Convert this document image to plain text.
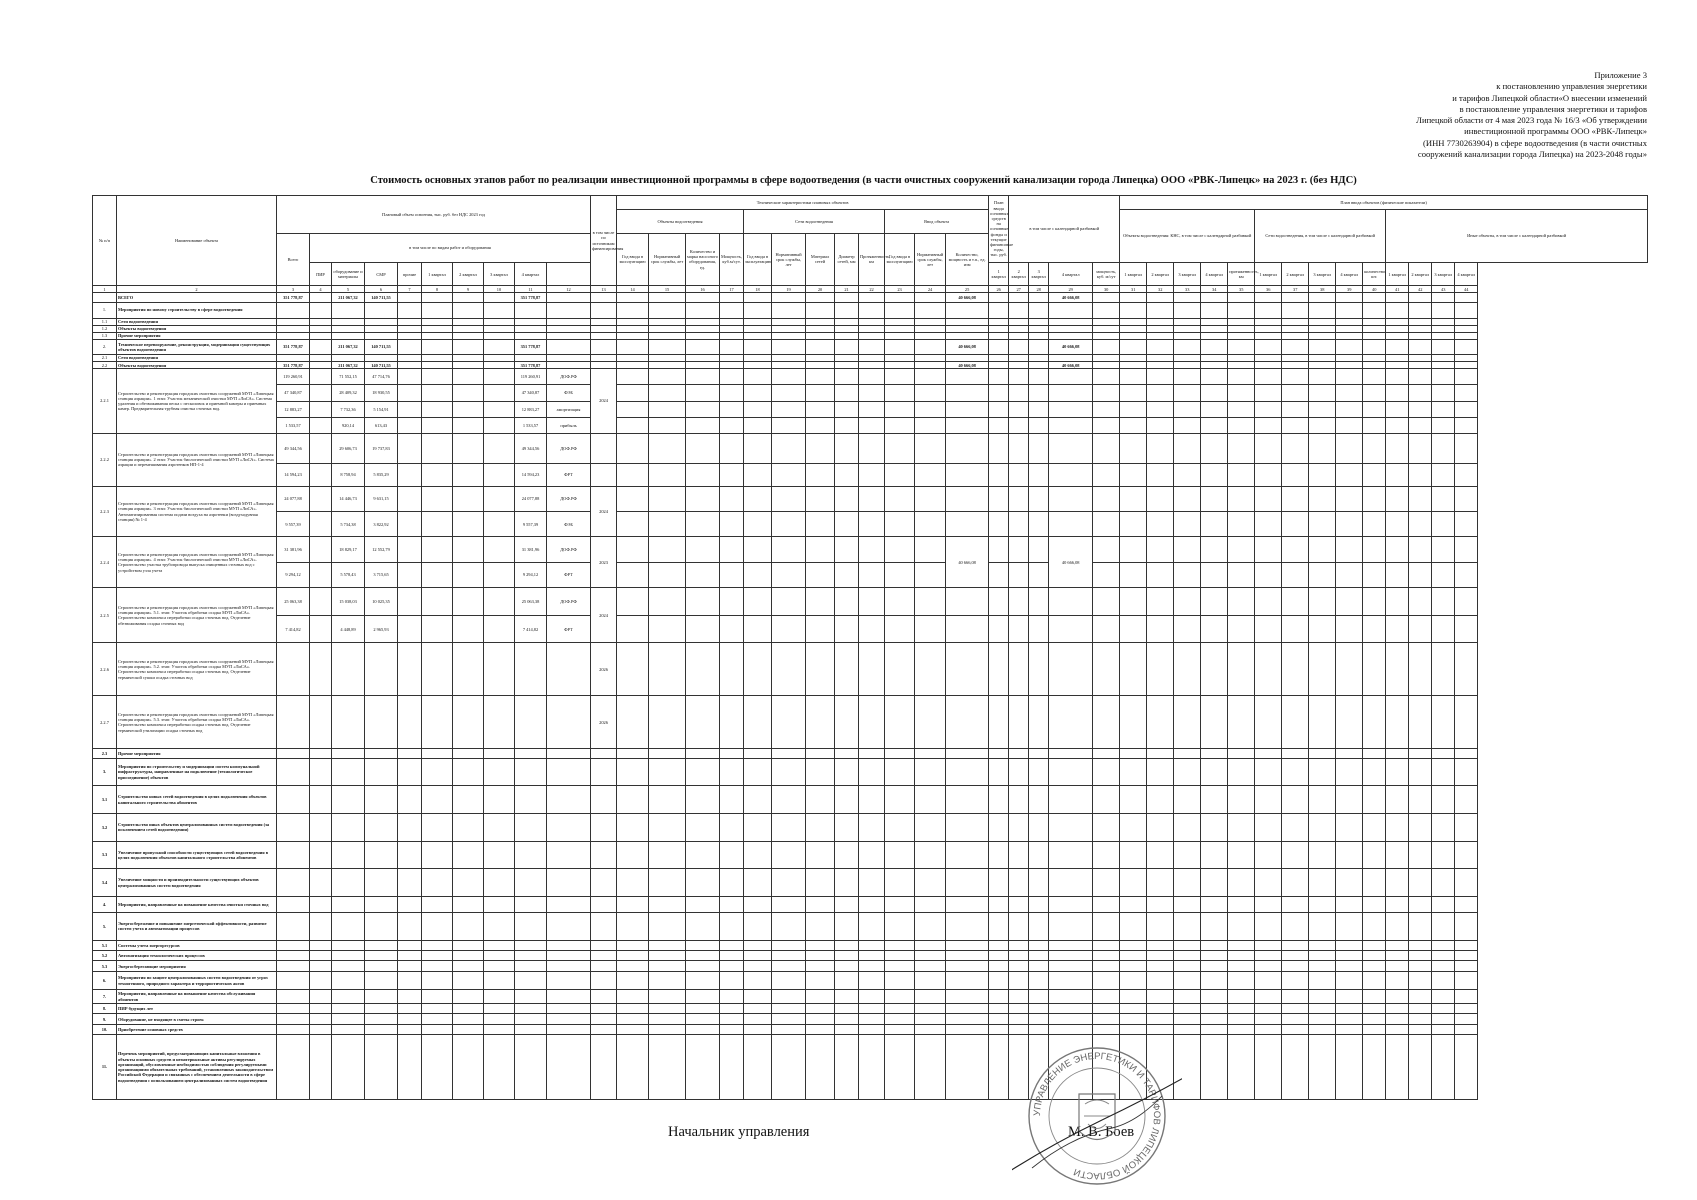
Приложение 3
к постановлению управления энергетики
и тарифов Липецкой области«О внесении изменений
в постановление управления энергетики и тарифов
Липецкой области от 4 мая 2023 года № 16/3 «Об утверждении
инвестиционной программы ООО «РВК-Липецк»
(ИНН 7730263904) в сфере водоотведения (в части очистных
сооружений канализации города Липецка) на 2023-2048 годы»
Стоимость основных этапов работ по реализации инвестиционной программы в сфере водоотведения (в части очистных сооружений канализации города Липецка) ООО «РВК-Липецк» на 2023 г. (без НДС)
№ п/п	Наименование объекта	Плановый объем освоения, тыс. руб. без НДС 2023 год										в том числе по источникам финансирования	Технические характеристики плановых объектов												План ввода основных средств на основные фонды и текущие финансовые годы, тыс. руб.	в том числе с календарной разбивкой				План ввода объектов (физические показатели)													
													Объекты водоотведения				Сети водоотведения					Ввод объекта								Объекты водоотведения: КНС, в том числе с календарной разбивкой					Сети водоотведения, в том числе с календарной разбивкой					Иные объекты, в том числе с календарной разбивкой			
		Всего	в том числе по видам работ и оборудования										Год ввода в эксплуатацию	Нормативный срок службы, лет	Количество и марка насосного оборудования, ед.	Мощность, куб.м/сут.	Год ввода в эксплуатацию	Нормативный срок службы, лет	Материал сетей	Диаметр сетей, мм	Протяженность, км	Год ввода в эксплуатацию	Нормативный срок службы, лет	Количество, мощность и т.п., ед. изм																			
			ПИР	оборудование и материалы	СМР	прочие	1 квартал	2 квартал	3 квартал	4 квартал															1 квартал	2 квартал	3 квартал	4 квартал	мощность, куб. м/сут	1 квартал	2 квартал	3 квартал	4 квартал	протяженность, км	1 квартал	2 квартал	3 квартал	4 квартал	количество, шт.	1 квартал	2 квартал	3 квартал	4 квартал
1	2	3	4	5	6	7	8	9	10	11	12	13	14	15	16	17	18	19	20	21	22	23	24	25	26	27	28	29	30	31	32	33	34	35	36	37	38	39	40	41	42	43	44
	ВСЕГО	351 778,87		211 067,32	140 711,55					351 778,87														40 666,08				40 666,08															
1.	Мероприятия по новому строительству в сфере водоотведения																																										
1.1	Сети водоотведения																																										
1.2	Объекты водоотведения																																										
1.3	Прочие мероприятия																																										
2.	Техническое перевооружение, реконструкция, модернизация существующих объектов водоотведения	351 778,87		211 067,32	140 711,55					351 778,87														40 666,08				40 666,08															
2.1	Сети водоотведения																																										
2.2	Объекты водоотведения	351 778,87		211 067,32	140 711,55					351 778,87														40 666,08				40 666,08															
2.2.1	Строительство и реконструкция городских очистных сооружений МУП «Липецкая станция аэрации». 1 этап: Участок механической очистки МУП «ЛиСА». Система удаления и обезвоживания песка с песколовок и приемной камеры и приемных камер. Предварительная трубная очистка сточных вод.	119 260,91		71 552,15	47 714,76					119 260,91	ДОФ.РФ	2024																															
		47 340,87		28 409,32	18 930,55					47 340,87	ФЭБ																																
		12 883,27		7 732,36	5 154,91					12 883,27	амортизация																																
		1 533,57		920,14	613,43					1 533,57	прибыль																																
2.2.2	Строительство и реконструкция городских очистных сооружений МУП «Липецкая станция аэрации». 2 этап: Участок биологической очистки МУП «ЛиСА». Система аэрации и перемешивания аэротенков НП-1-4	49 344,56		29 606,73	19 737,83					49 344,56	ДОФ.РФ																																
		14 594,23		8 758,94	5 835,29					14 594,23	ФРТ																																
2.2.3	Строительство и реконструкция городских очистных сооружений МУП «Липецкая станция аэрации». 3 этап: Участок биологической очистки МУП «ЛиСА». Автоматизированная система подачи воздуха на аэротенки (воздуходувная станция) № 1-4	24 077,88		14 446,73	9 631,15					24 077,88	ДОФ.РФ	2024																															
		9 557,39		5 734,38	3 822,92					9 557,39	ФЭБ																																
2.2.4	Строительство и реконструкция городских очистных сооружений МУП «Липецкая станция аэрации». 4 этап: Участок биологической очистки МУП «ЛиСА». Строительство участка трубопровода выпуска очищенных сточных вод с устройством узла учета	31 381,96		18 829,17	12 552,79					31 381,96	ДОФ.РФ	2023												40 666,08				40 666,08															
		9 294,12		5 578,43	3 715,65					9 294,12	ФРТ																																
2.2.5	Строительство и реконструкция городских очистных сооружений МУП «Липецкая станция аэрации». 5.1. этап: Участок обработки осадка МУП «ЛиСА». Строительство комплекса переработки осадка сточных вод. Отделение обезвоживания осадка сточных вод	25 063,38		15 038,03	10 025,35					25 063,38	ДОФ.РФ	2024																															
		7 414,82		4 448,89	2 965,93					7 414,82	ФРТ																																
2.2.6	Строительство и реконструкция городских очистных сооружений МУП «Липецкая станция аэрации». 5.2. этап: Участок обработки осадка МУП «ЛиСА». Строительство комплекса переработки осадка сточных вод. Отделение термической сушки осадка сточных вод											2026																															
2.2.7	Строительство и реконструкция городских очистных сооружений МУП «Липецкая станция аэрации». 5.3. этап: Участок обработки осадка МУП «ЛиСА». Строительство комплекса переработки осадка сточных вод. Отделение термической утилизации осадка сточных вод											2026																															
2.3	Прочие мероприятия																																										
3.	Мероприятия по строительству и модернизации систем коммунальной инфраструктуры, направленные на подключение (технологическое присоединение) объектов																																										
3.1	Строительство новых сетей водоотведения в целях подключения объектов капитального строительства абонентов																																										
3.2	Строительство иных объектов централизованных систем водоотведения (за исключением сетей водоотведения)																																										
3.3	Увеличение пропускной способности существующих сетей водоотведения в целях подключения объектов капитального строительства абонентов																																										
3.4	Увеличение мощности и производительности существующих объектов централизованных систем водоотведения																																										
4.	Мероприятия, направленные на повышение качества очистки сточных вод																																										
5.	Энергосбережение и повышение энергетической эффективности, развитие систем учета и автоматизации процессов																																										
5.1	Системы учета энергоресурсов																																										
5.2	Автоматизация технологических процессов																																										
5.3	Энергосберегающие мероприятия																																										
6.	Мероприятия по защите централизованных систем водоотведения от угроз техногенного, природного характера и террористических актов																																										
7.	Мероприятия, направленные на повышение качества обслуживания абонентов																																										
8.	ПИР будущих лет																																										
9.	Оборудование, не входящее в сметы строек																																										
10.	Приобретение основных средств																																										
11.	Перечень мероприятий, предусматривающих капитальные вложения в объекты основных средств и нематериальные активы регулируемых организаций, обусловленные необходимостью соблюдения регулируемыми организациями обязательных требований, установленных законодательством Российской Федерации и связанных с обеспечением деятельности в сфере водоотведения с использованием централизованных систем водоотведения																																										
Начальник управления	М. В. Боев
УПРАВЛЕНИЕ ЭНЕРГЕТИКИ И ТАРИФОВ ЛИПЕЦКОЙ ОБЛАСТИ
